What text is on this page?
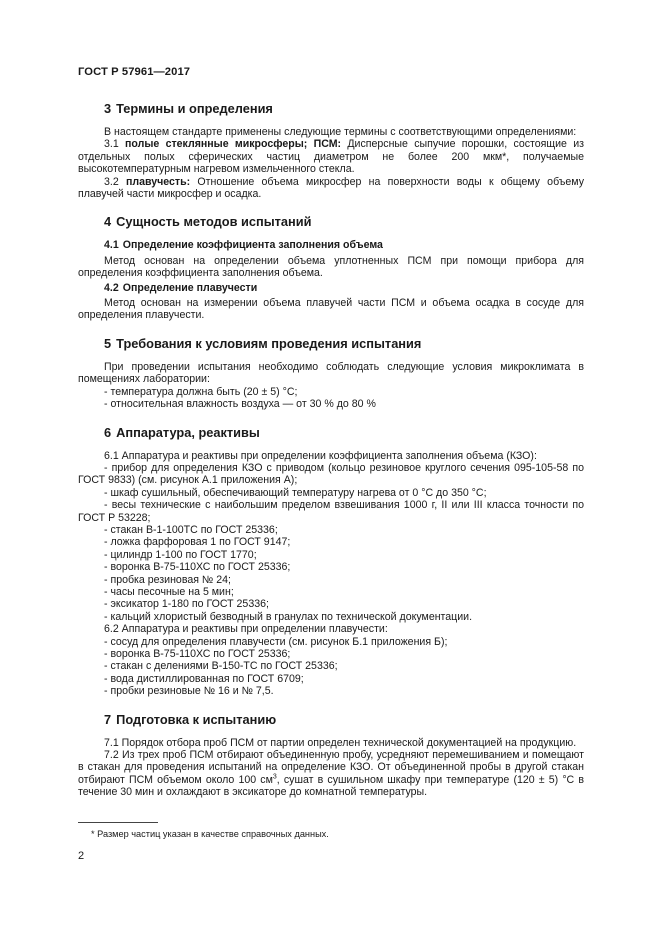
ГОСТ Р 57961—2017
3 Термины и определения

В настоящем стандарте применены следующие термины с соответствующими определениями:

3.1 полые стеклянные микросферы; ПСМ: Дисперсные сыпучие порошки, состоящие из отдельных полых сферических частиц диаметром не более 200 мкм*, получаемые высокотемпературным нагревом измельченного стекла.

3.2 плавучесть: Отношение объема микросфер на поверхности воды к общему объему плавучей части микросфер и осадка.

4 Сущность методов испытаний
4.1 Определение коэффициента заполнения объема

Метод основан на определении объема уплотненных ПСМ при помощи прибора для определения коэффициента заполнения объема.

4.2 Определение плавучести

Метод основан на измерении объема плавучей части ПСМ и объема осадка в сосуде для определения плавучести.

5 Требования к условиям проведения испытания

При проведении испытания необходимо соблюдать следующие условия микроклимата в помещениях лаборатории:

- температура должна быть (20 ± 5) °С;

- относительная влажность воздуха — от 30 % до 80 %

6 Аппаратура, реактивы

6.1 Аппаратура и реактивы при определении коэффициента заполнения объема (КЗО):

- прибор для определения КЗО с приводом (кольцо резиновое круглого сечения 095-105-58 по ГОСТ 9833) (см. рисунок А.1 приложения А);

- шкаф сушильный, обеспечивающий температуру нагрева от 0 °С до 350 °С;

- весы технические с наибольшим пределом взвешивания 1000 г, II или III класса точности по ГОСТ Р 53228;

- стакан В-1-100ТС по ГОСТ 25336;

- ложка фарфоровая 1 по ГОСТ 9147;

- цилиндр 1-100 по ГОСТ 1770;

- воронка В-75-110ХС по ГОСТ 25336;

- пробка резиновая № 24;

- часы песочные на 5 мин;

- эксикатор 1-180 по ГОСТ 25336;

- кальций хлористый безводный в гранулах по технической документации.

6.2 Аппаратура и реактивы при определении плавучести:

- сосуд для определения плавучести (см. рисунок Б.1 приложения Б);

- воронка В-75-110ХС по ГОСТ 25336;

- стакан с делениями В-150-ТС по ГОСТ 25336;

- вода дистиллированная по ГОСТ 6709;

- пробки резиновые № 16 и № 7,5.

7 Подготовка к испытанию

7.1 Порядок отбора проб ПСМ от партии определен технической документацией на продукцию.

7.2 Из трех проб ПСМ отбирают объединенную пробу, усредняют перемешиванием и помещают в стакан для проведения испытаний на определение КЗО. От объединенной пробы в другой стакан отбирают ПСМ объемом около 100 $см^3$, сушат в сушильном шкафу при температуре (120 ± 5) °С в течение 30 мин и охлаждают в эксикаторе до комнатной температуры.

* Размер частиц указан в качестве справочных данных.
2
